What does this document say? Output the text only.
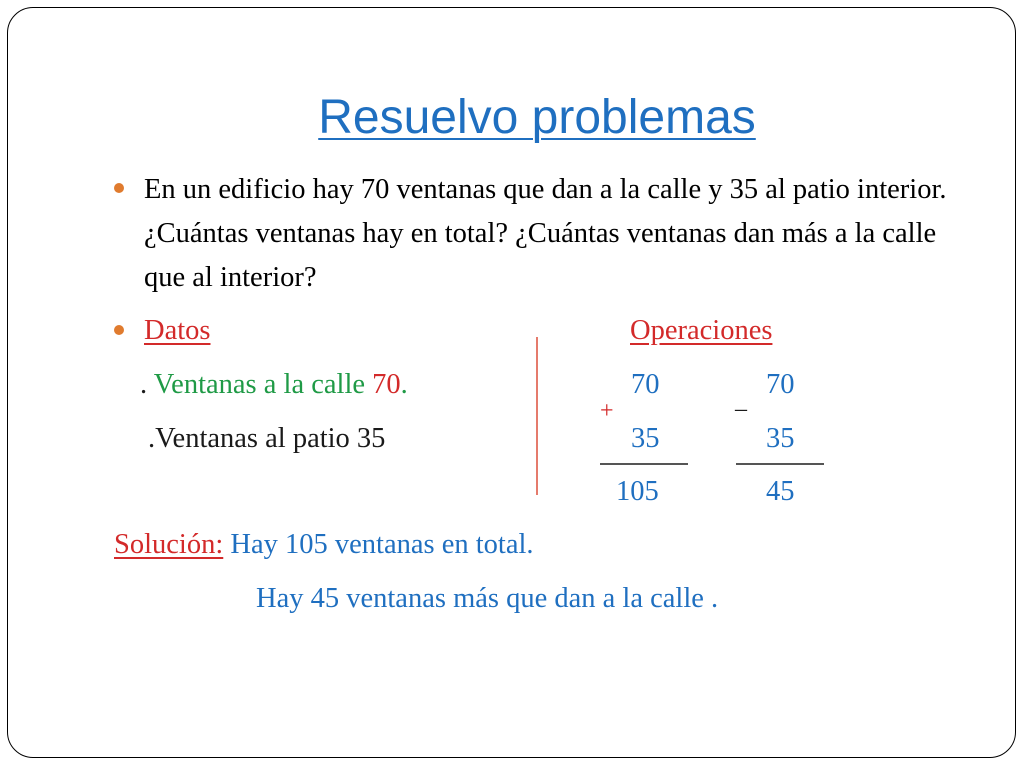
Resuelvo problemas
En un edificio hay 70 ventanas que dan a la calle y 35 al patio interior. ¿Cuántas ventanas hay en total? ¿Cuántas ventanas dan más a la calle que al interior?
Datos	Operaciones
. Ventanas a la calle 70.
.Ventanas al patio 35
70
+
35
105
70
–
35
45
Solución: Hay 105 ventanas en total.
Hay 45 ventanas más que dan a la calle .
